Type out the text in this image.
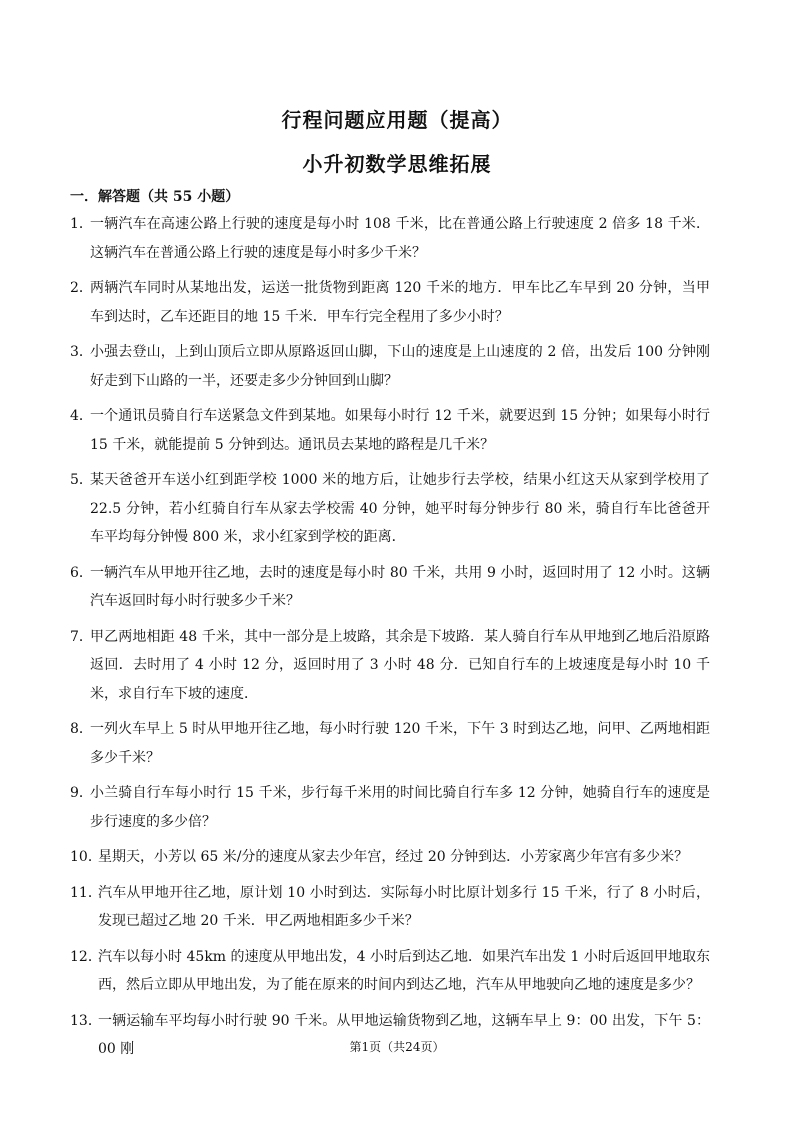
行程问题应用题（提高）
小升初数学思维拓展
一．解答题（共 55 小题）
1．
一辆汽车在高速公路上行驶的速度是每小时 108 千米，比在普通公路上行驶速度 2 倍多 18 千米．这辆汽车在普通公路上行驶的速度是每小时多少千米？
2．
两辆汽车同时从某地出发，运送一批货物到距离 120 千米的地方．甲车比乙车早到 20 分钟，当甲车到达时，乙车还距目的地 15 千米．甲车行完全程用了多少小时？
3．
小强去登山，上到山顶后立即从原路返回山脚，下山的速度是上山速度的 2 倍，出发后 100 分钟刚好走到下山路的一半，还要走多少分钟回到山脚？
4．
一个通讯员骑自行车送紧急文件到某地。如果每小时行 12 千米，就要迟到 15 分钟；如果每小时行 15 千米，就能提前 5 分钟到达。通讯员去某地的路程是几千米？
5．
某天爸爸开车送小红到距学校 1000 米的地方后，让她步行去学校，结果小红这天从家到学校用了 22.5 分钟，若小红骑自行车从家去学校需 40 分钟，她平时每分钟步行 80 米，骑自行车比爸爸开车平均每分钟慢 800 米，求小红家到学校的距离．
6．
一辆汽车从甲地开往乙地，去时的速度是每小时 80 千米，共用 9 小时，返回时用了 12 小时。这辆汽车返回时每小时行驶多少千米？
7．
甲乙两地相距 48 千米，其中一部分是上坡路，其余是下坡路．某人骑自行车从甲地到乙地后沿原路返回．去时用了 4 小时 12 分，返回时用了 3 小时 48 分．已知自行车的上坡速度是每小时 10 千米，求自行车下坡的速度．
8．
一列火车早上 5 时从甲地开往乙地，每小时行驶 120 千米，下午 3 时到达乙地，问甲、乙两地相距多少千米？
9．
小兰骑自行车每小时行 15 千米，步行每千米用的时间比骑自行车多 12 分钟，她骑自行车的速度是步行速度的多少倍？
10．
星期天，小芳以 65 米/分的速度从家去少年宫，经过 20 分钟到达．小芳家离少年宫有多少米？
11．
汽车从甲地开往乙地，原计划 10 小时到达．实际每小时比原计划多行 15 千米，行了 8 小时后，发现已超过乙地 20 千米．甲乙两地相距多少千米？
12．
汽车以每小时 45km 的速度从甲地出发，4 小时后到达乙地．如果汽车出发 1 小时后返回甲地取东西，然后立即从甲地出发，为了能在原来的时间内到达乙地，汽车从甲地驶向乙地的速度是多少？
13．
一辆运输车平均每小时行驶 90 千米。从甲地运输货物到乙地，这辆车早上 9：00 出发，下午 5：00 刚	第1页（共24页）
